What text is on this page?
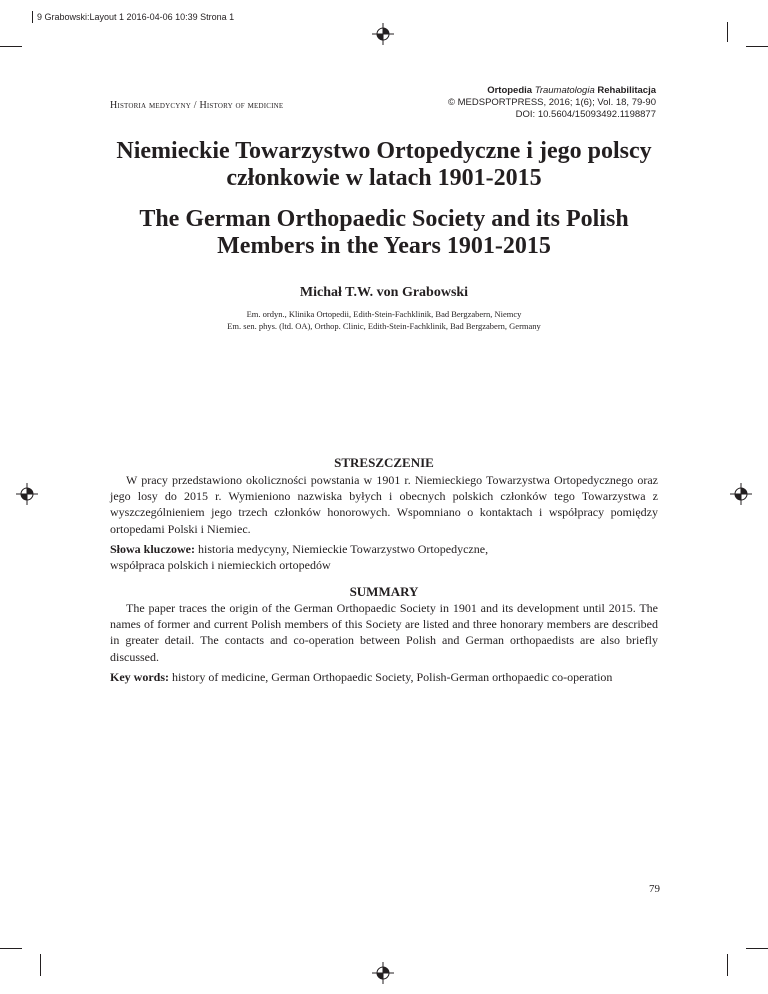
9 Grabowski:Layout 1 2016-04-06 10:39 Strona 1
Historia medycyny / History of medicine
Ortopedia Traumatologia Rehabilitacja
© MEDSPORTPRESS, 2016; 1(6); Vol. 18, 79-90
DOI: 10.5604/15093492.1198877
Niemieckie Towarzystwo Ortopedyczne i jego polscy
członkowie w latach 1901-2015
The German Orthopaedic Society and its Polish
Members in the Years 1901-2015
Michał T.W. von Grabowski
Em. ordyn., Klinika Ortopedii, Edith-Stein-Fachklinik, Bad Bergzabern, Niemcy
Em. sen. phys. (ltd. OA), Orthop. Clinic, Edith-Stein-Fachklinik, Bad Bergzabern, Germany
STRESZCZENIE

W pracy przedstawiono okoliczności powstania w 1901 r. Niemieckiego Towarzystwa Ortopedycznego oraz jego losy do 2015 r. Wymieniono nazwiska byłych i obecnych polskich członków tego Towarzystwa z wyszczególnieniem jego trzech członków honorowych. Wspomniano o kontaktach i współpracy pomiędzy ortopedami Polski i Niemiec.

Słowa kluczowe: historia medycyny, Niemieckie Towarzystwo Ortopedyczne,
współpraca polskich i niemieckich ortopedów
SUMMARY

The paper traces the origin of the German Orthopaedic Society in 1901 and its development until 2015. The names of former and current Polish members of this Society are listed and three honorary members are described in greater detail. The contacts and co-operation between Polish and German orthopaedists are also briefly discussed.

Key words: history of medicine, German Orthopaedic Society, Polish-German orthopaedic co-operation
79
